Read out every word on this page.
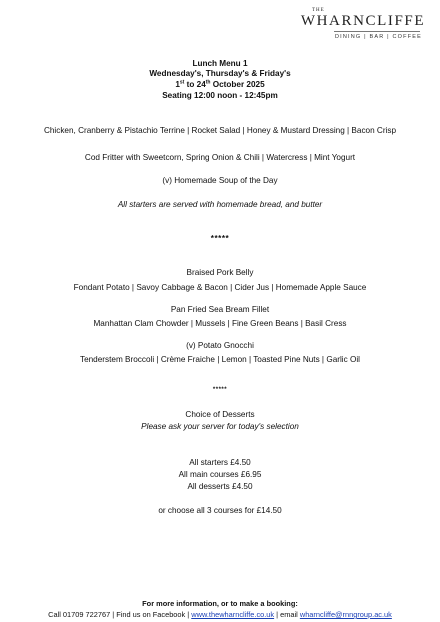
THE
WHARNCLIFFE
DINING | BAR | COFFEE
Lunch Menu 1
Wednesday's, Thursday's & Friday's
1st to 24th October 2025
Seating 12:00 noon - 12:45pm
Chicken, Cranberry & Pistachio Terrine | Rocket Salad | Honey & Mustard Dressing | Bacon Crisp
Cod Fritter with Sweetcorn, Spring Onion & Chili | Watercress | Mint Yogurt
(v) Homemade Soup of the Day
All starters are served with homemade bread, and butter
*****
Braised Pork Belly
Fondant Potato | Savoy Cabbage & Bacon | Cider Jus | Homemade Apple Sauce
Pan Fried Sea Bream Fillet
Manhattan Clam Chowder | Mussels | Fine Green Beans | Basil Cress
(v) Potato Gnocchi
Tenderstem Broccoli | Crème Fraiche | Lemon | Toasted Pine Nuts | Garlic Oil
*****
Choice of Desserts
Please ask your server for today's selection
All starters £4.50
All main courses £6.95
All desserts £4.50
or choose all 3 courses for £14.50
For more information, or to make a booking:
Call 01709 722767 | Find us on Facebook | www.thewharncliffe.co.uk | email wharncliffe@rnngroup.ac.uk
